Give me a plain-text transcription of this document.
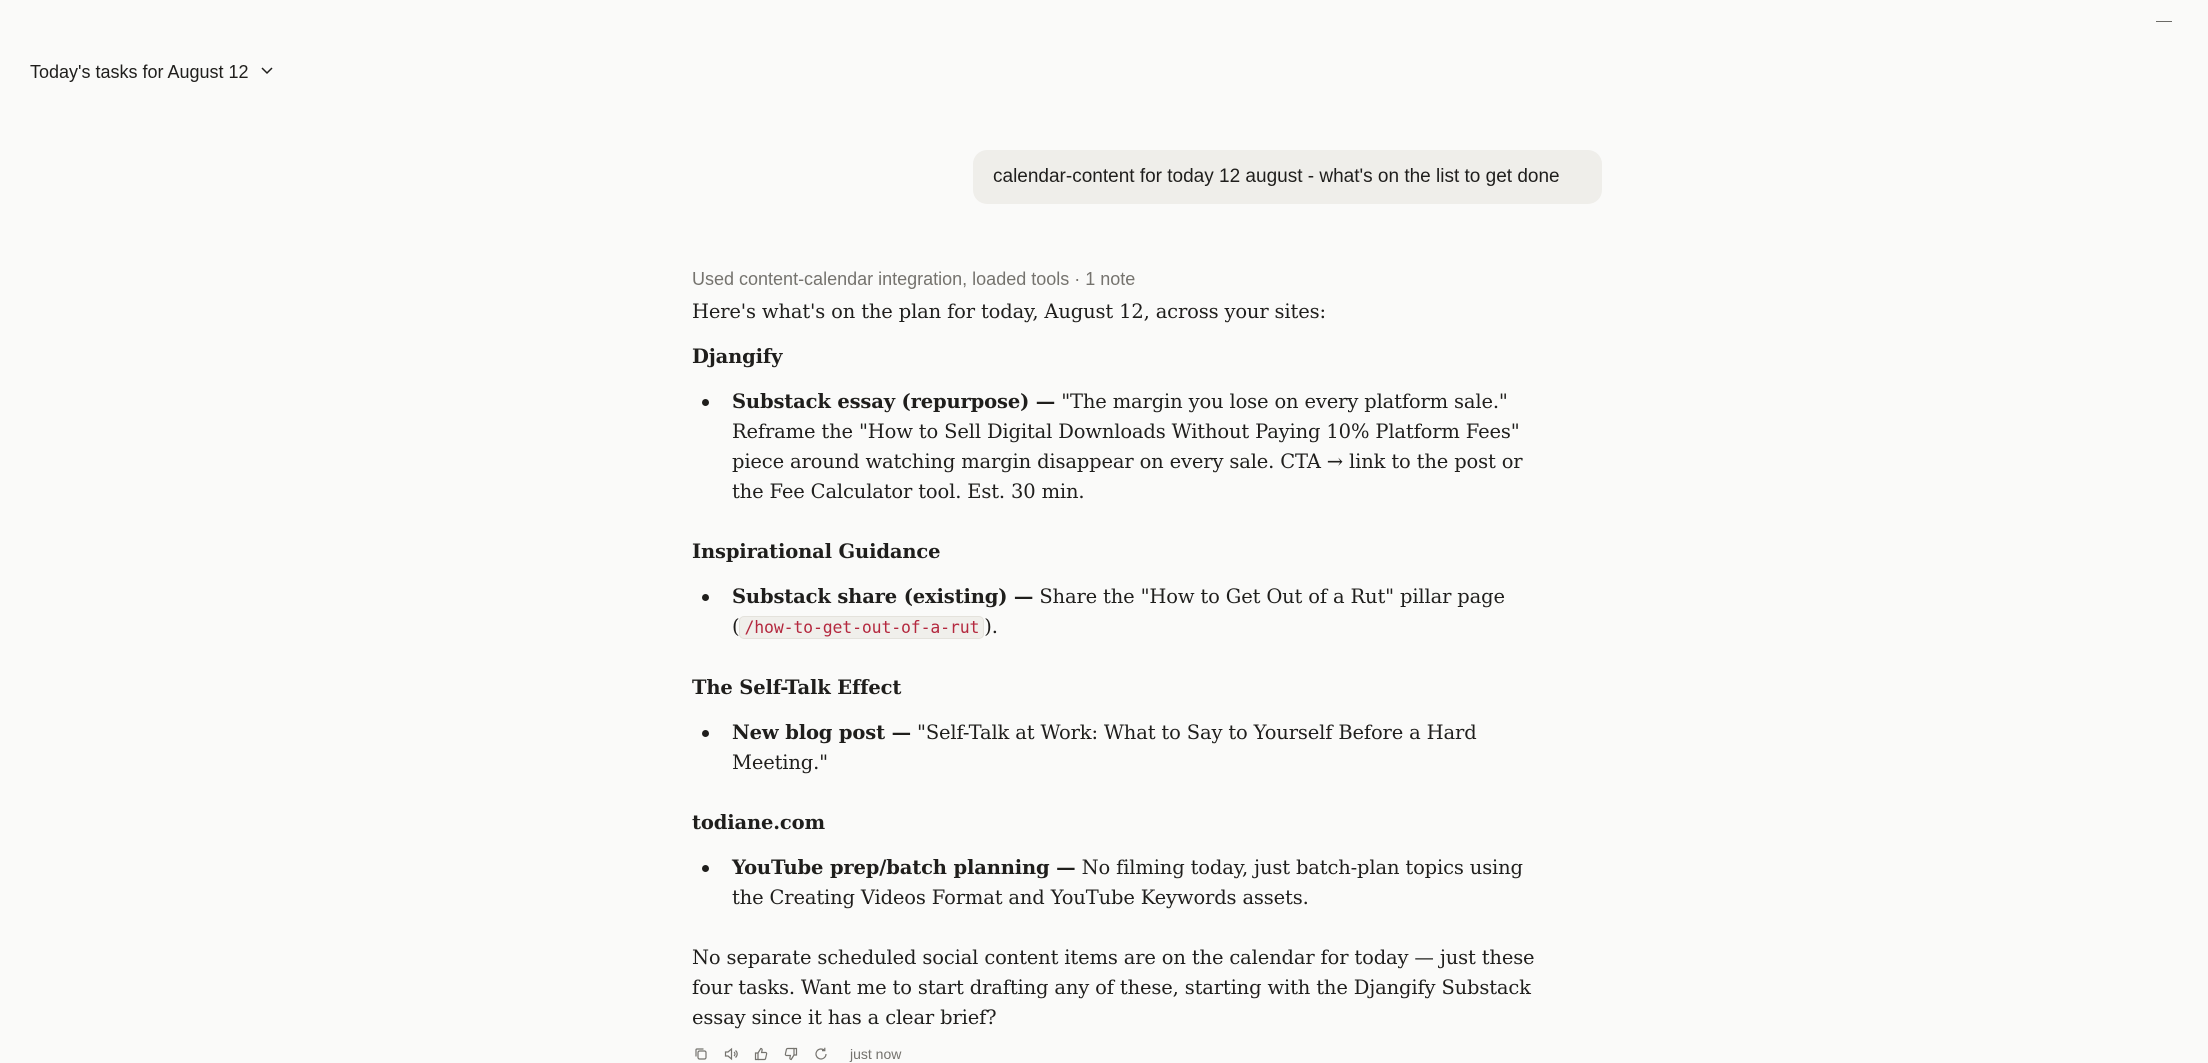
Today's tasks for August 12
calendar-content for today 12 august - what's on the list to get done
Used content-calendar integration, loaded tools · 1 note

Here's what's on the plan for today, August 12, across your sites:

Djangify
Substack essay (repurpose) — "The margin you lose on every platform sale." Reframe the "How to Sell Digital Downloads Without Paying 10% Platform Fees" piece around watching margin disappear on every sale. CTA → link to the post or the Fee Calculator tool. Est. 30 min.
Inspirational Guidance
Substack share (existing) — Share the "How to Get Out of a Rut" pillar page ( /how-to-get-out-of-a-rut ).
The Self-Talk Effect
New blog post — "Self-Talk at Work: What to Say to Yourself Before a Hard Meeting."
todiane.com
YouTube prep/batch planning — No filming today, just batch-plan topics using the Creating Videos Format and YouTube Keywords assets.

No separate scheduled social content items are on the calendar for today — just these four tasks. Want me to start drafting any of these, starting with the Djangify Substack essay since it has a clear brief?

just now
